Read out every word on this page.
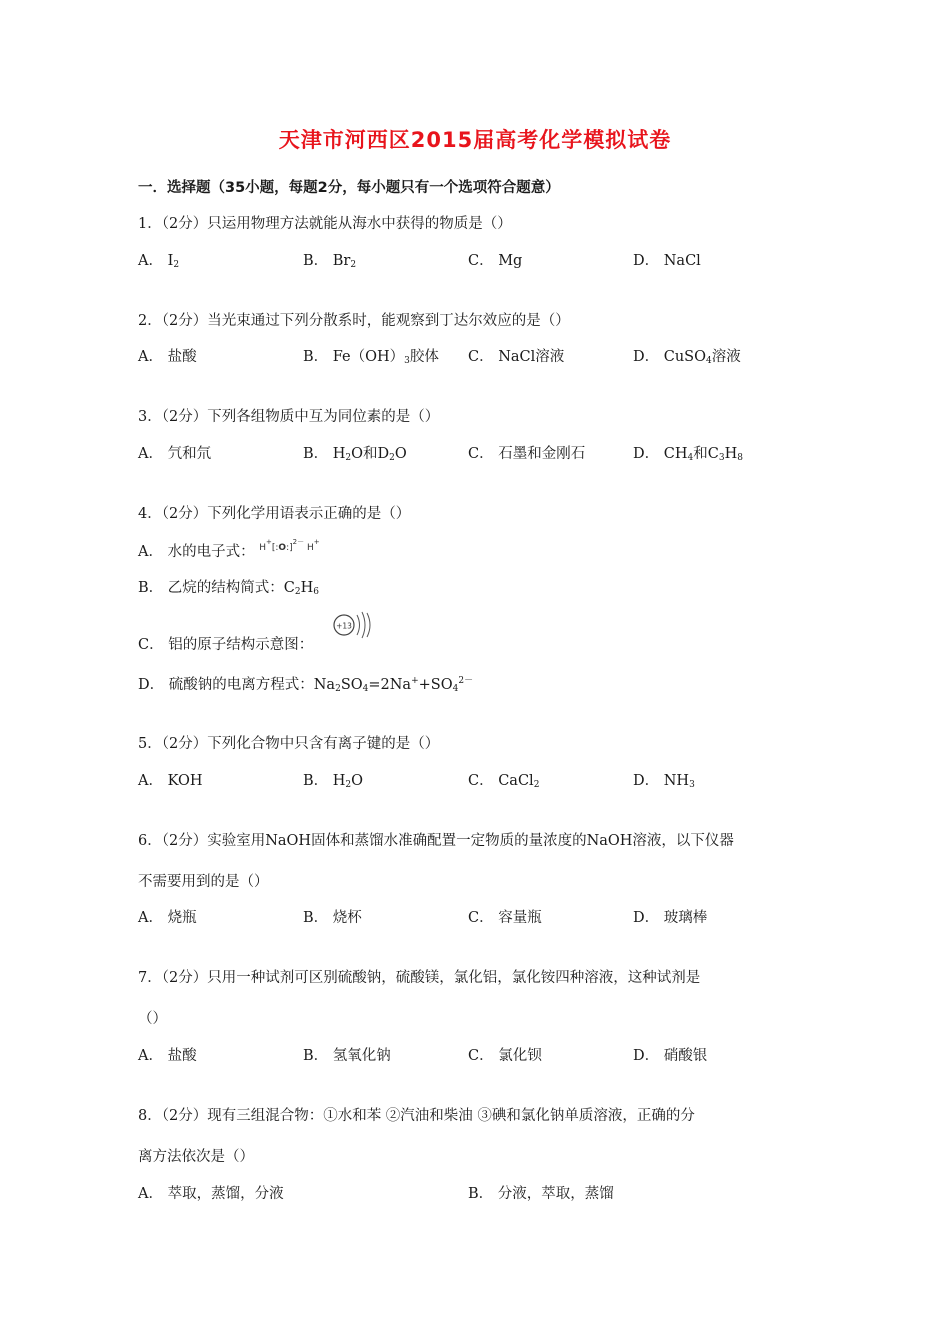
天津市河西区2015届高考化学模拟试卷
一．选择题（35小题，每题2分，每小题只有一个选项符合题意）
1．（2分）只运用物理方法就能从海水中获得的物质是（）
A． $I_2$	B． $Br_2$	C． Mg	D． NaCl
2．（2分）当光束通过下列分散系时，能观察到丁达尔效应的是（）
A． 盐酸	B． $Fe(OH)_3$胶体 C． NaCl溶液	D． CuSO$_4$溶液
3．（2分）下列各组物质中互为同位素的是（）
A． 氕和氘	B． $H_2O$和$D_2O$	C． 石墨和金刚石	D． $CH_4$和$C_3H_8$
4．（2分）下列化学用语表示正确的是（）
A． 水的电子式： H+[:O:]$^{2-}$ H+
B． 乙烷的结构简式：$C_2H_6$
C． 铝的原子结构示意图：
+13
D． 硫酸钠的电离方程式：$Na_2SO_4=2Na^++SO_4^{2-}$
5．（2分）下列化合物中只含有离子键的是（）
A． KOH	B． $H_2O$	C． CaCl$_2$	D． $NH_3$
6．（2分）实验室用NaOH固体和蒸馏水准确配置一定物质的量浓度的NaOH溶液，以下仪器
不需要用到的是（）
A． 烧瓶	B． 烧杯	C． 容量瓶	D． 玻璃棒
7．（2分）只用一种试剂可区别硫酸钠，硫酸镁，氯化铝，氯化铵四种溶液，这种试剂是
（）
A． 盐酸	B． 氢氧化钠	C． 氯化钡	D． 硝酸银
8．（2分）现有三组混合物：①水和苯 ②汽油和柴油 ③碘和氯化钠单质溶液，正确的分
离方法依次是（）
A． 萃取，蒸馏，分液	B． 分液，萃取，蒸馏
